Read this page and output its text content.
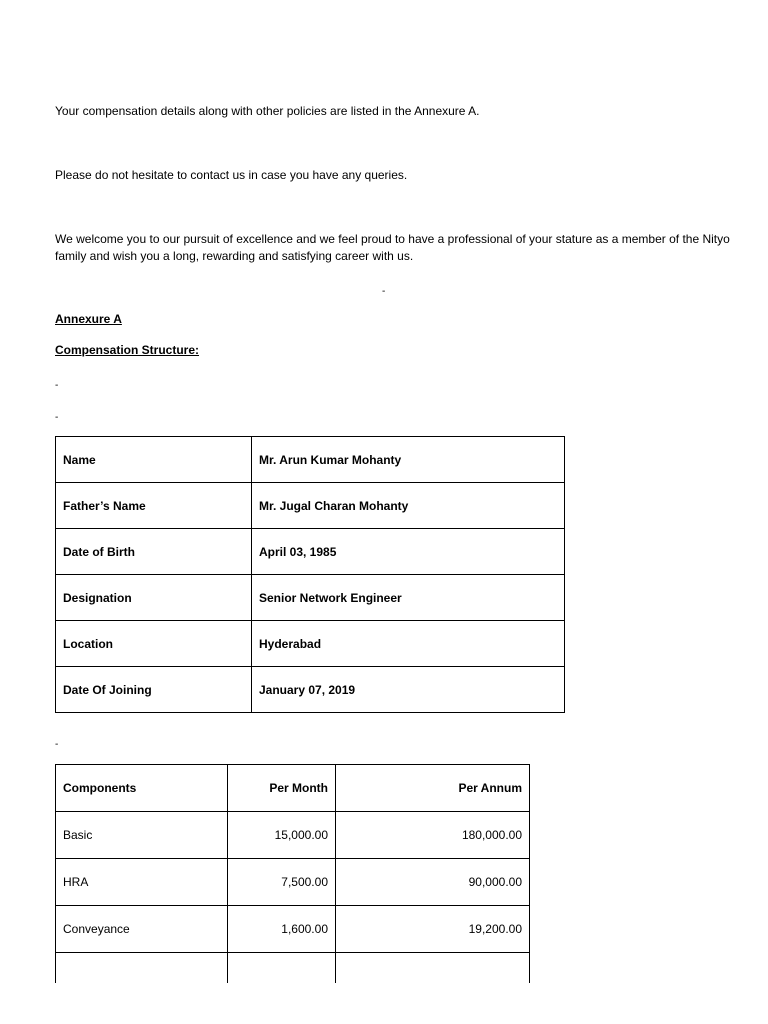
Your compensation details along with other policies are listed in the Annexure A.
Please do not hesitate to contact us in case you have any queries.
We welcome you to our pursuit of excellence and we feel proud to have a professional of your stature as a member of the Nityo
family and wish you a long, rewarding and satisfying career with us.
-
Annexure A
Compensation Structure:
-
-
Name	Mr. Arun Kumar Mohanty
Father’s Name	Mr. Jugal Charan Mohanty
Date of Birth	April 03, 1985
Designation	Senior Network Engineer
Location	Hyderabad
Date Of Joining	January 07, 2019
-
Components	Per Month	Per Annum
Basic	15,000.00	180,000.00
HRA	7,500.00	90,000.00
Conveyance	1,600.00	19,200.00
